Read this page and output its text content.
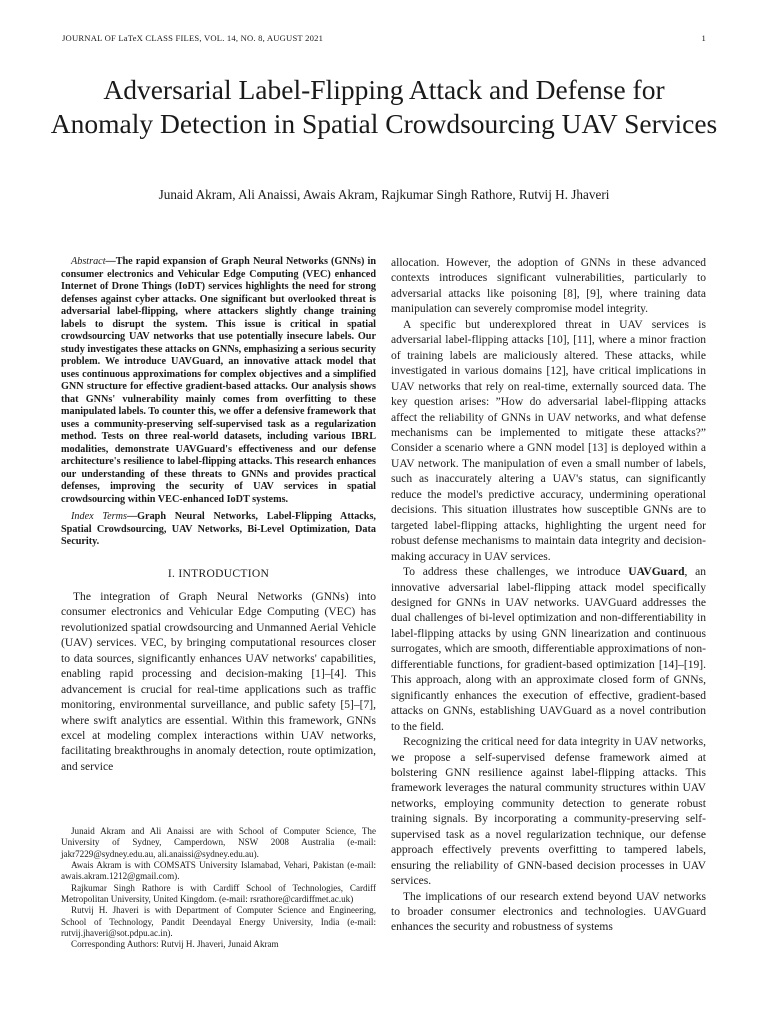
JOURNAL OF LaTeX CLASS FILES, VOL. 14, NO. 8, AUGUST 2021	1
Adversarial Label-Flipping Attack and Defense for Anomaly Detection in Spatial Crowdsourcing UAV Services
Junaid Akram, Ali Anaissi, Awais Akram, Rajkumar Singh Rathore, Rutvij H. Jhaveri

Abstract—The rapid expansion of Graph Neural Networks (GNNs) in consumer electronics and Vehicular Edge Computing (VEC) enhanced Internet of Drone Things (IoDT) services highlights the need for strong defenses against cyber attacks. One significant but overlooked threat is adversarial label-flipping, where attackers slightly change training labels to disrupt the system. This issue is critical in spatial crowdsourcing UAV networks that use potentially insecure labels. Our study investigates these attacks on GNNs, emphasizing a serious security problem. We introduce UAVGuard, an innovative attack model that uses continuous approximations for complex objectives and a simplified GNN structure for effective gradient-based attacks. Our analysis shows that GNNs' vulnerability mainly comes from overfitting to these manipulated labels. To counter this, we offer a defensive framework that uses a community-preserving self-supervised task as a regularization method. Tests on three real-world datasets, including various IBRL modalities, demonstrate UAVGuard's effectiveness and our defense architecture's resilience to label-flipping attacks. This research enhances our understanding of these threats to GNNs and provides practical defenses, improving the security of UAV services in spatial crowdsourcing within VEC-enhanced IoDT systems.

Index Terms—Graph Neural Networks, Label-Flipping Attacks, Spatial Crowdsourcing, UAV Networks, Bi-Level Optimization, Data Security.

I. INTRODUCTION

The integration of Graph Neural Networks (GNNs) into consumer electronics and Vehicular Edge Computing (VEC) has revolutionized spatial crowdsourcing and Unmanned Aerial Vehicle (UAV) services. VEC, by bringing computational resources closer to data sources, significantly enhances UAV networks' capabilities, enabling rapid processing and decision-making [1]–[4]. This advancement is crucial for real-time applications such as traffic monitoring, environmental surveillance, and public safety [5]–[7], where swift analytics are essential. Within this framework, GNNs excel at modeling complex interactions within UAV networks, facilitating breakthroughs in anomaly detection, route optimization, and service

Junaid Akram and Ali Anaissi are with School of Computer Science, The University of Sydney, Camperdown, NSW 2008 Australia (e-mail: jakr7229@sydney.edu.au, ali.anaissi@sydney.edu.au).

Awais Akram is with COMSATS University Islamabad, Vehari, Pakistan (e-mail: awais.akram.1212@gmail.com).

Rajkumar Singh Rathore is with Cardiff School of Technologies, Cardiff Metropolitan University, United Kingdom. (e-mail: rsrathore@cardiffmet.ac.uk)

Rutvij H. Jhaveri is with Department of Computer Science and Engineering, School of Technology, Pandit Deendayal Energy University, India (e-mail: rutvij.jhaveri@sot.pdpu.ac.in).

Corresponding Authors: Rutvij H. Jhaveri, Junaid Akram

allocation. However, the adoption of GNNs in these advanced contexts introduces significant vulnerabilities, particularly to adversarial attacks like poisoning [8], [9], where training data manipulation can severely compromise model integrity.

A specific but underexplored threat in UAV services is adversarial label-flipping attacks [10], [11], where a minor fraction of training labels are maliciously altered. These attacks, while investigated in various domains [12], have critical implications in UAV networks that rely on real-time, externally sourced data. The key question arises: ”How do adversarial label-flipping attacks affect the reliability of GNNs in UAV networks, and what defense mechanisms can be implemented to mitigate these attacks?” Consider a scenario where a GNN model [13] is deployed within a UAV network. The manipulation of even a small number of labels, such as inaccurately altering a UAV's status, can significantly reduce the model's predictive accuracy, undermining operational decisions. This situation illustrates how susceptible GNNs are to targeted label-flipping attacks, highlighting the urgent need for robust defense mechanisms to maintain data integrity and decision-making accuracy in UAV services.

To address these challenges, we introduce UAVGuard, an innovative adversarial label-flipping attack model specifically designed for GNNs in UAV networks. UAVGuard addresses the dual challenges of bi-level optimization and non-differentiability in label-flipping attacks by using GNN linearization and continuous surrogates, which are smooth, differentiable approximations of non-differentiable functions, for gradient-based optimization [14]–[19]. This approach, along with an approximate closed form of GNNs, significantly enhances the execution of effective, gradient-based attacks on GNNs, establishing UAVGuard as a novel contribution to the field.

Recognizing the critical need for data integrity in UAV networks, we propose a self-supervised defense framework aimed at bolstering GNN resilience against label-flipping attacks. This framework leverages the natural community structures within UAV networks, employing community detection to generate robust training signals. By incorporating a community-preserving self-supervised task as a novel regularization technique, our defense approach effectively prevents overfitting to tampered labels, ensuring the reliability of GNN-based decision processes in UAV services.

The implications of our research extend beyond UAV networks to broader consumer electronics and technologies. UAVGuard enhances the security and robustness of systems
